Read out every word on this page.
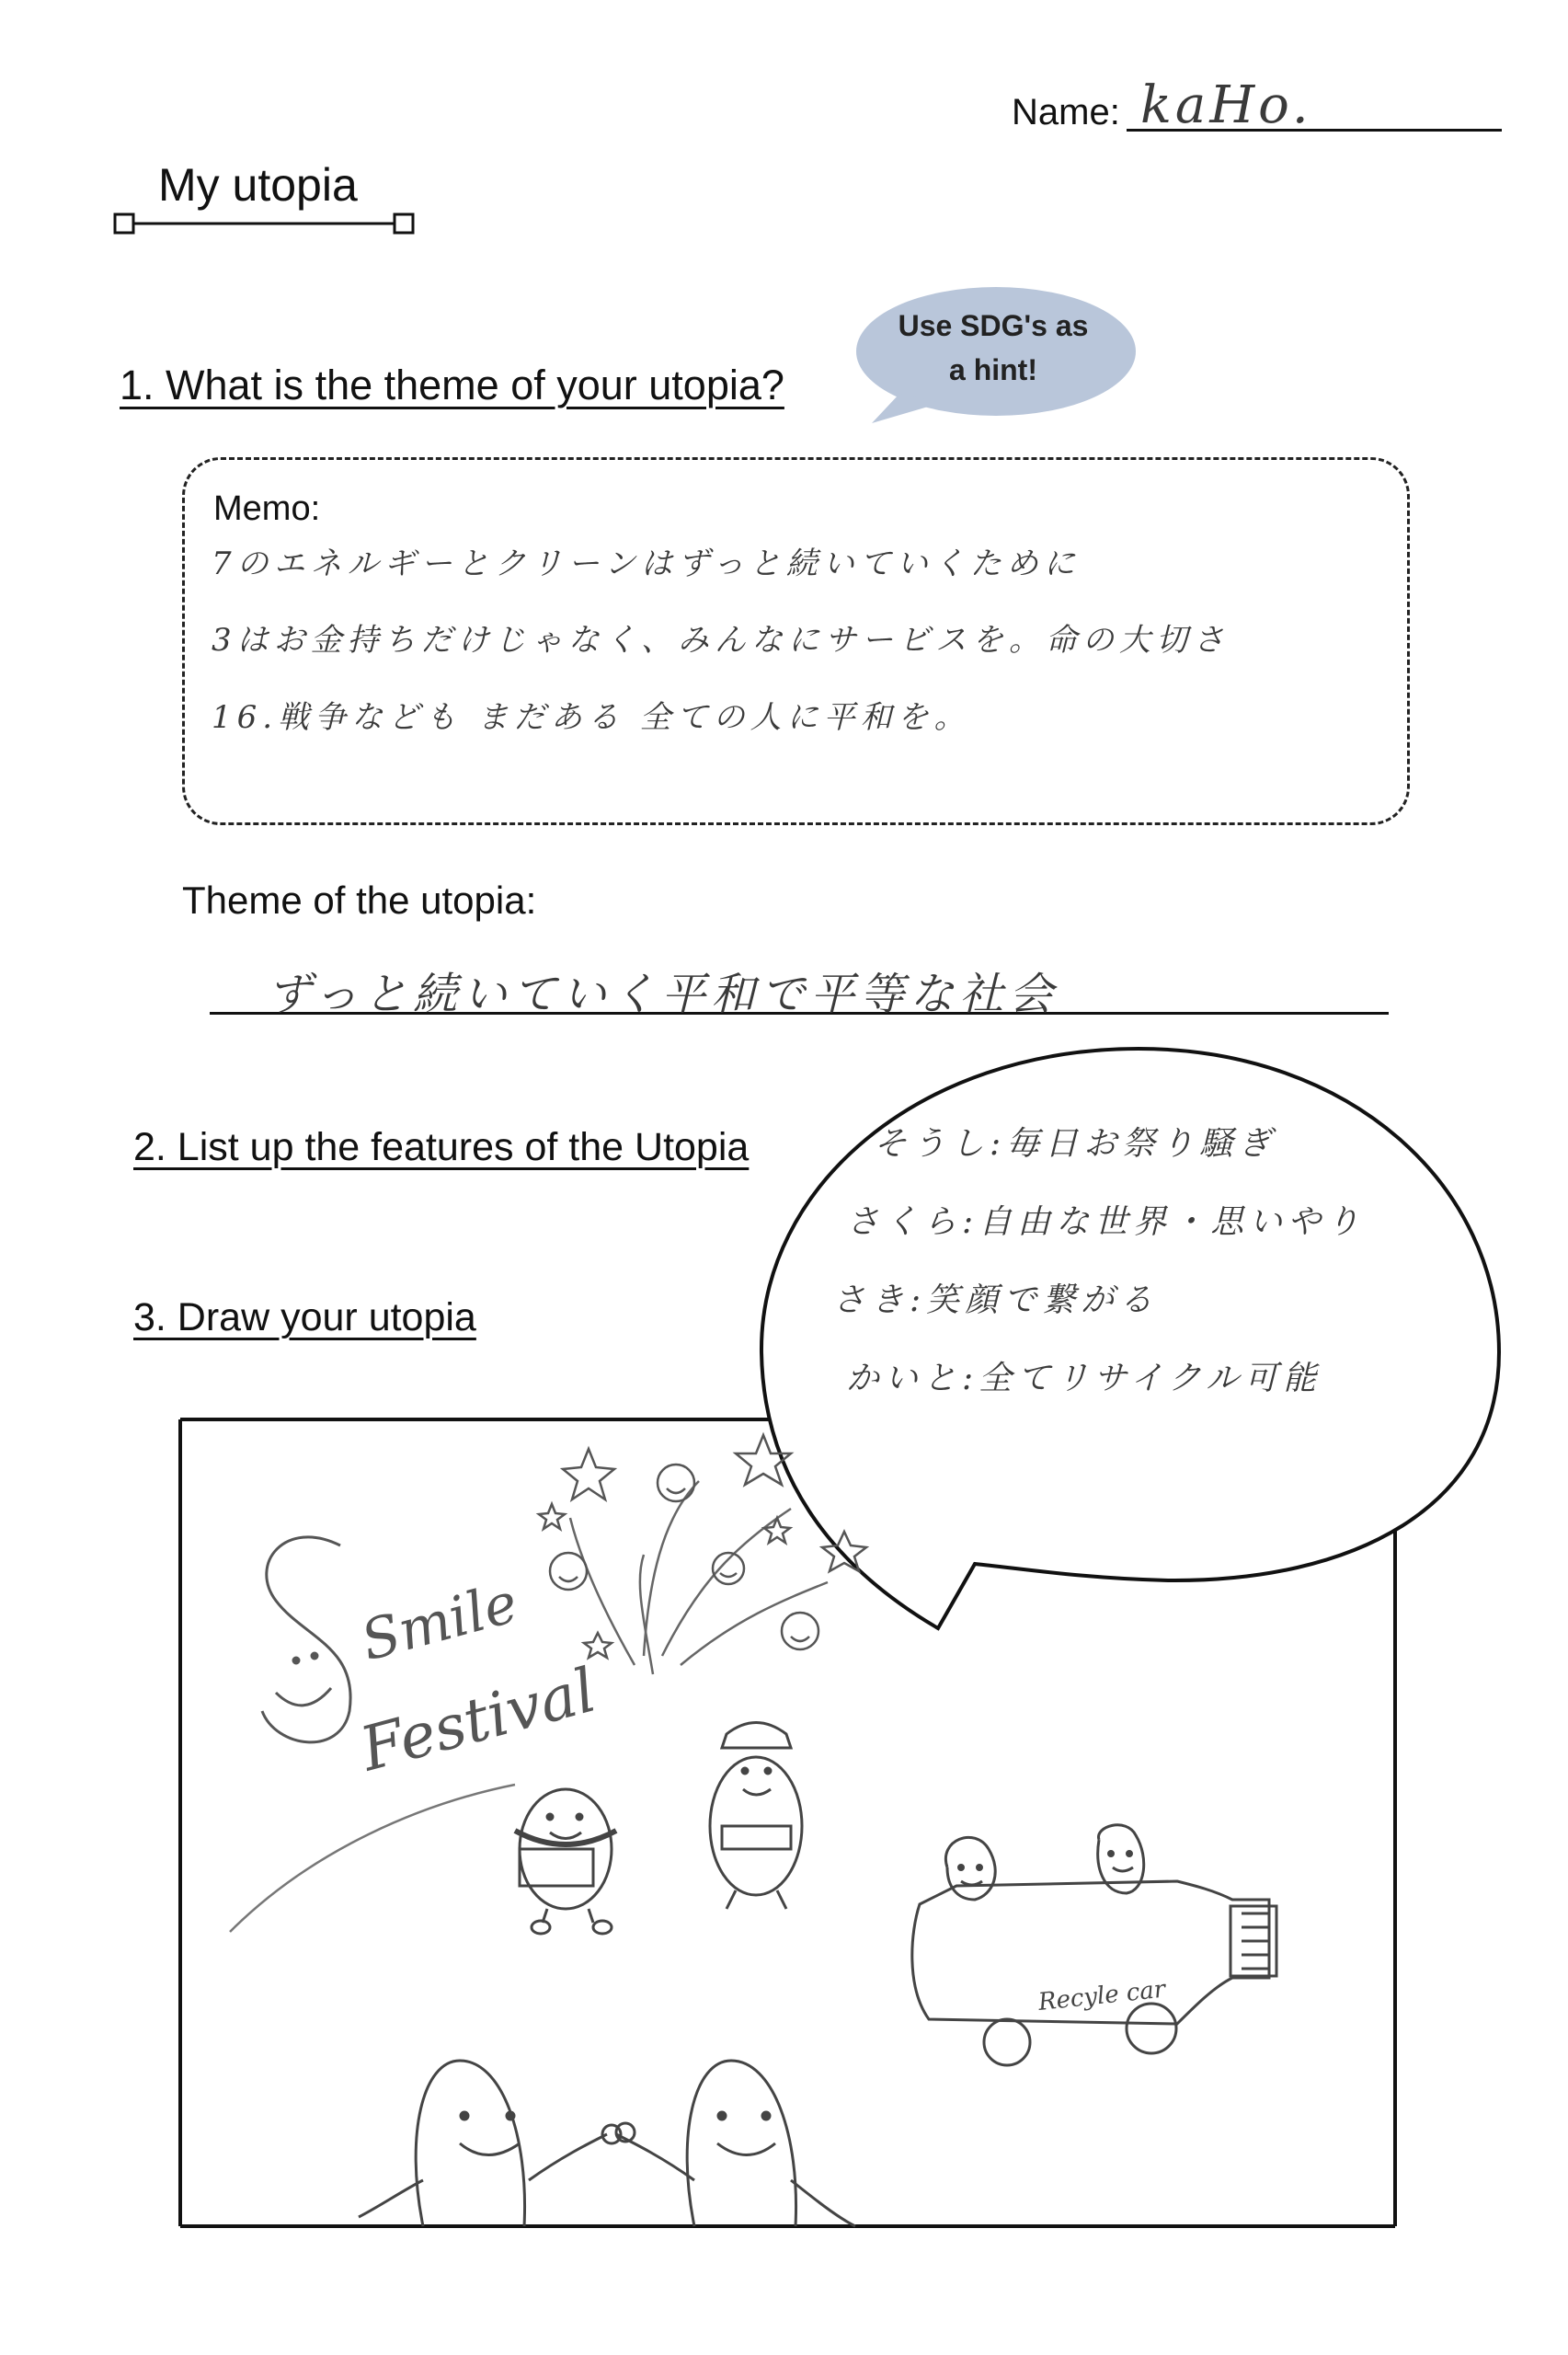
Name: kaHo.
My utopia
1. What is the theme of your utopia?
Use SDG's as a hint!
Memo:
7のエネルギーとクリーンはずっと続いていくために
3はお金持ちだけじゃなく、みんなにサービスを。命の大切さ
16.戦争なども まだある 全ての人に平和を。
Theme of the utopia:
ずっと続いていく平和で平等な社会
2. List up the features of the Utopia
3. Draw your utopia
Smile
Festival
Recyle car
そうし:毎日お祭り騒ぎ
さくら:自由な世界・思いやり
さき:笑顔で繋がる
かいと:全てリサイクル可能
